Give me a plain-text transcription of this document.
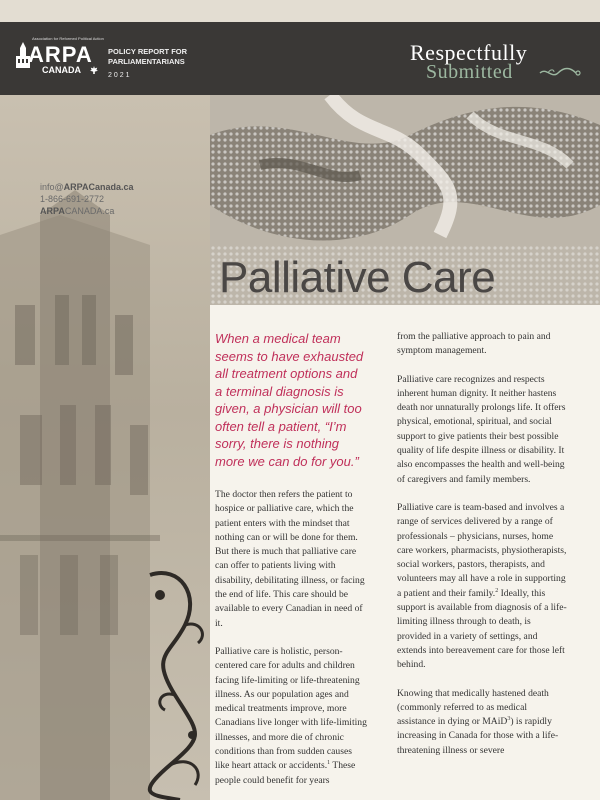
Association for Reformed Political Action
ARPA
CANADA
POLICY REPORT FOR PARLIAMENTARIANS
2021
Respectfully
Submitted
info@ARPACanada.ca
1-866-691-2772
ARPACANADA.ca
Palliative Care

When a medical team seems to have exhausted all treatment options and a terminal diagnosis is given, a physician will too often tell a patient, “I’m sorry, there is nothing more we can do for you.”

The doctor then refers the patient to hospice or palliative care, which the patient enters with the mindset that nothing can or will be done for them. But there is much that palliative care can offer to patients living with disability, debilitating illness, or facing the end of life. This care should be available to every Canadian in need of it.

Palliative care is holistic, person-centered care for adults and children facing life-limiting or life-threatening illness. As our population ages and medical treatments improve, more Canadians live longer with life-limiting illnesses, and more die of chronic conditions than from sudden causes like heart attack or accidents.$^1$ These people could benefit for years

from the palliative approach to pain and symptom management.

Palliative care recognizes and respects inherent human dignity. It neither hastens death nor unnaturally prolongs life. It offers physical, emotional, spiritual, and social support to give patients their best possible quality of life despite illness or disability. It also encompasses the health and well-being of caregivers and family members.

Palliative care is team-based and involves a range of services delivered by a range of professionals – physicians, nurses, home care workers, pharmacists, physiotherapists, social workers, pastors, therapists, and volunteers may all have a role in supporting a patient and their family.$^2$ Ideally, this support is available from diagnosis of a life-limiting illness through to death, is provided in a variety of settings, and extends into bereavement care for those left behind.

Knowing that medically hastened death (commonly referred to as medical assistance in dying or MAiD$^3$) is rapidly increasing in Canada for those with a life-threatening illness or severe
